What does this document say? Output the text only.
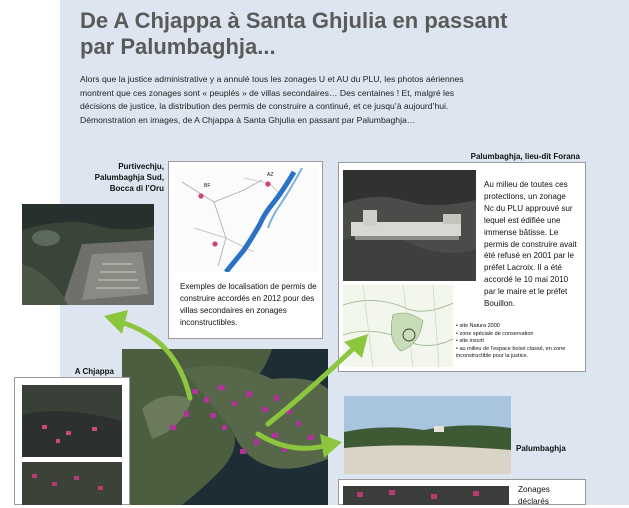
De A Chjappa à Santa Ghjulia en passant par Palumbaghja...

Alors que la justice administrative y a annulé tous les zonages U et AU du PLU, les photos aériennes montrent que ces zonages sont « peuplés » de villas secondaires… Des centaines ! Et, malgré les décisions de justice, la distribution des permis de construire a continué, et ce jusqu’à aujourd’hui. Démonstration en images, de A Chjappa à Santa Ghjulia en passant par Palumbaghja…

Purtivechju, Palumbaghja Sud, Bocca di l’Oru
AZ
BF
Exemples de localisation de permis de construire accordés en 2012 pour des villas secondaires en zonages inconstructibles.
Palumbaghja, lieu-dit Forana
Au milieu de toutes ces protections, un zonage Nc du PLU approuvé sur lequel est édifiée une immense bâtisse. Le permis de construire avait été refusé en 2001 par le préfet Lacroix. Il a été accordé le 10 mai 2010 par le maire et le préfet Bouillon.
• site Natura 2000
• zone spéciale de conservation
• site inscrit
• au milieu de l’espace boisé classé, en zone inconstructible pour la justice.
A Chjappa
Palumbaghja
Zonages déclarés
